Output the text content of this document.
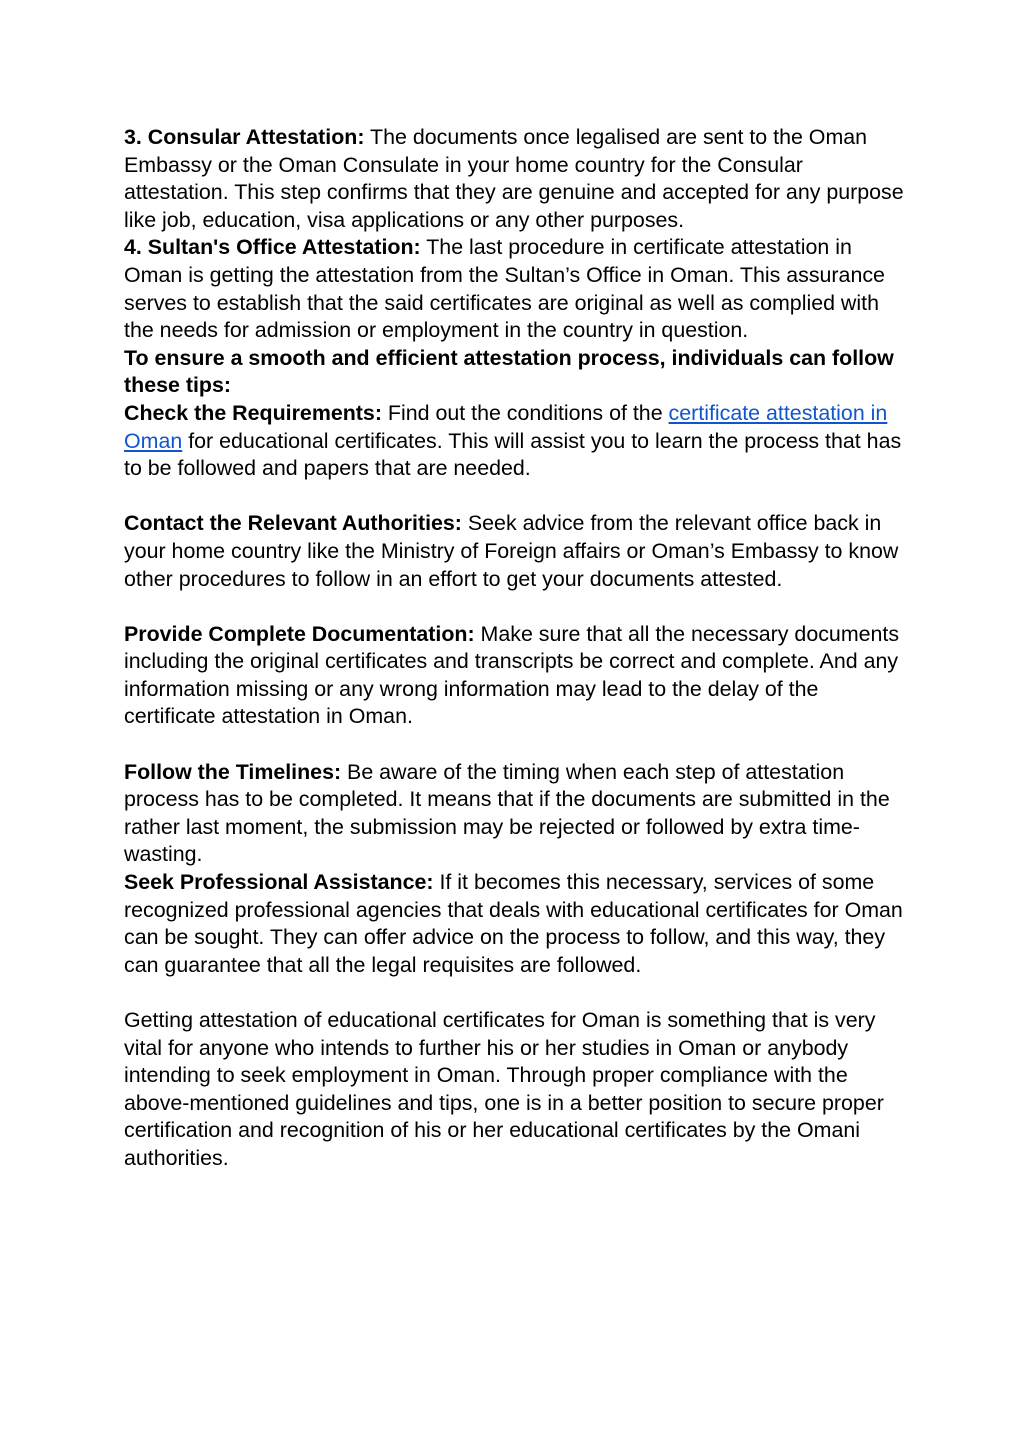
3. Consular Attestation: The documents once legalised are sent to the Oman Embassy or the Oman Consulate in your home country for the Consular attestation. This step confirms that they are genuine and accepted for any purpose like job, education, visa applications or any other purposes.

4. Sultan's Office Attestation: The last procedure in certificate attestation in Oman is getting the attestation from the Sultan’s Office in Oman. This assurance serves to establish that the said certificates are original as well as complied with the needs for admission or employment in the country in question.

To ensure a smooth and efficient attestation process, individuals can follow these tips:

Check the Requirements: Find out the conditions of the certificate attestation in Oman for educational certificates. This will assist you to learn the process that has to be followed and papers that are needed.

Contact the Relevant Authorities: Seek advice from the relevant office back in your home country like the Ministry of Foreign affairs or Oman’s Embassy to know other procedures to follow in an effort to get your documents attested.

Provide Complete Documentation: Make sure that all the necessary documents including the original certificates and transcripts be correct and complete. And any information missing or any wrong information may lead to the delay of the certificate attestation in Oman.

Follow the Timelines: Be aware of the timing when each step of attestation process has to be completed. It means that if the documents are submitted in the rather last moment, the submission may be rejected or followed by extra time-wasting.

Seek Professional Assistance: If it becomes this necessary, services of some recognized professional agencies that deals with educational certificates for Oman can be sought. They can offer advice on the process to follow, and this way, they can guarantee that all the legal requisites are followed.

Getting attestation of educational certificates for Oman is something that is very vital for anyone who intends to further his or her studies in Oman or anybody intending to seek employment in Oman. Through proper compliance with the above-mentioned guidelines and tips, one is in a better position to secure proper certification and recognition of his or her educational certificates by the Omani authorities.
